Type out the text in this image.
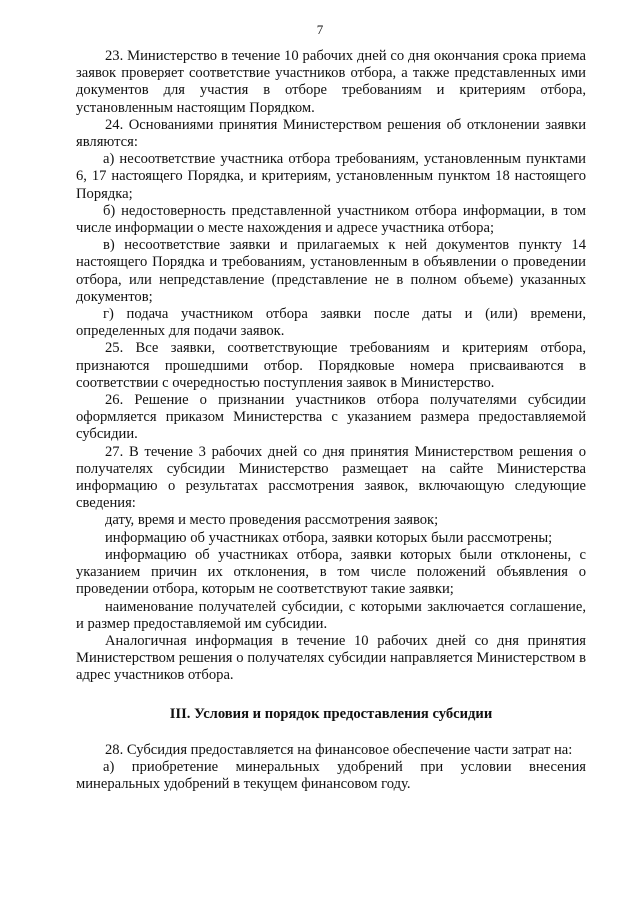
7

23. Министерство в течение 10 рабочих дней со дня окончания срока приема заявок проверяет соответствие участников отбора, а также представленных ими документов для участия в отборе требованиям и критериям отбора, установленным настоящим Порядком.

24. Основаниями принятия Министерством решения об отклонении заявки являются:

а) несоответствие участника отбора требованиям, установленным пунктами 6, 17 настоящего Порядка, и критериям, установленным пунктом 18 настоящего Порядка;

б) недостоверность представленной участником отбора информации, в том числе информации о месте нахождения и адресе участника отбора;

в) несоответствие заявки и прилагаемых к ней документов пункту 14 настоящего Порядка и требованиям, установленным в объявлении о проведении отбора, или непредставление (представление не в полном объеме) указанных документов;

г) подача участником отбора заявки после даты и (или) времени, определенных для подачи заявок.

25. Все заявки, соответствующие требованиям и критериям отбора, признаются прошедшими отбор. Порядковые номера присваиваются в соответствии с очередностью поступления заявок в Министерство.

26. Решение о признании участников отбора получателями субсидии оформляется приказом Министерства с указанием размера предоставляемой субсидии.

27. В течение 3 рабочих дней со дня принятия Министерством решения о получателях субсидии Министерство размещает на сайте Министерства информацию о результатах рассмотрения заявок, включающую следующие сведения:

дату, время и место проведения рассмотрения заявок;

информацию об участниках отбора, заявки которых были рассмотрены;

информацию об участниках отбора, заявки которых были отклонены, с указанием причин их отклонения, в том числе положений объявления о проведении отбора, которым не соответствуют такие заявки;

наименование получателей субсидии, с которыми заключается соглашение, и размер предоставляемой им субсидии.

Аналогичная информация в течение 10 рабочих дней со дня принятия Министерством решения о получателях субсидии направляется Министерством в адрес участников отбора.

III. Условия и порядок предоставления субсидии

28. Субсидия предоставляется на финансовое обеспечение части затрат на:

а) приобретение минеральных удобрений при условии внесения минеральных удобрений в текущем финансовом году.
